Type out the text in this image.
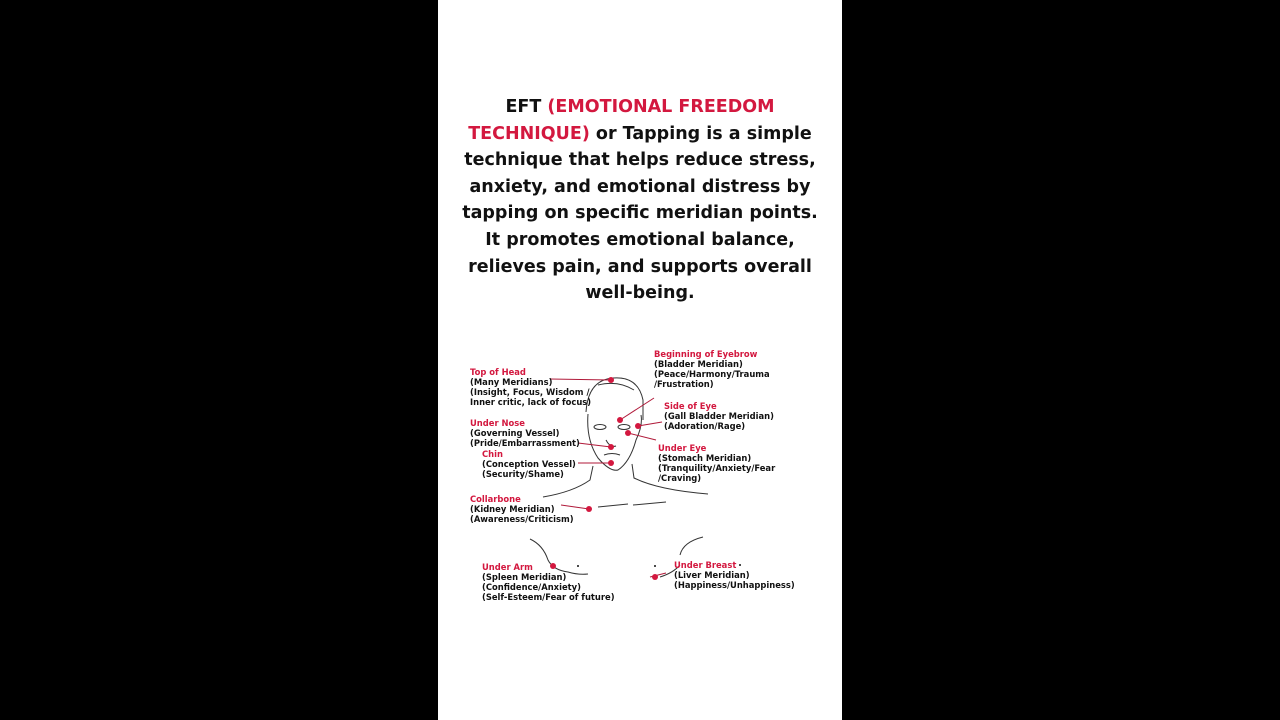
EFT (EMOTIONAL FREEDOM TECHNIQUE) or Tapping is a simple technique that helps reduce stress, anxiety, and emotional distress by tapping on specific meridian points. It promotes emotional balance, relieves pain, and supports overall well-being.
Top of Head
(Many Meridians)
(Insight, Focus, Wisdom /
Inner critic, lack of focus)
Beginning of Eyebrow
(Bladder Meridian)
(Peace/Harmony/Trauma
/Frustration)
Side of Eye
(Gall Bladder Meridian)
(Adoration/Rage)
Under Nose
(Governing Vessel)
(Pride/Embarrassment)
Chin
(Conception Vessel)
(Security/Shame)
Under Eye
(Stomach Meridian)
(Tranquility/Anxiety/Fear
/Craving)
Collarbone
(Kidney Meridian)
(Awareness/Criticism)
Under Arm
(Spleen Meridian)
(Confidence/Anxiety)
(Self-Esteem/Fear of future)
Under Breast
(Liver Meridian)
(Happiness/Unhappiness)
